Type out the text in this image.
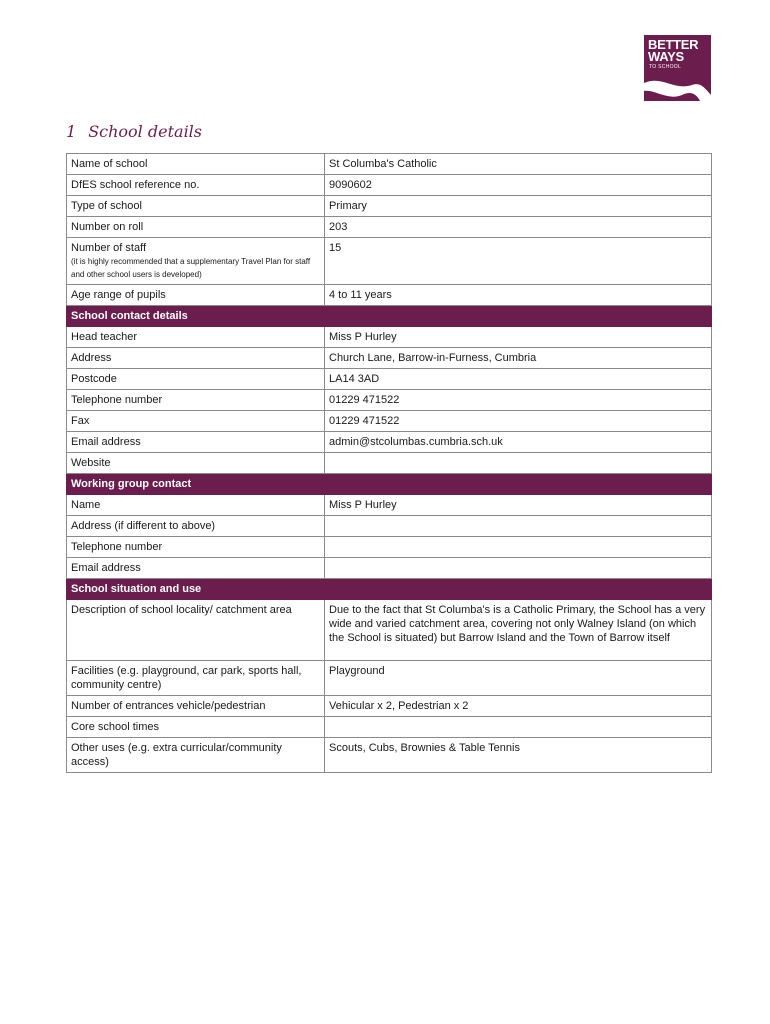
BETTER
WAYS
TO SCHOOL
1 School details
Name of school	St Columba's Catholic
DfES school reference no.	9090602
Type of school	Primary
Number on roll	203
Number of staff
(it is highly recommended that a supplementary Travel Plan for staff and other school users is developed)	15
Age range of pupils	4 to 11 years
School contact details	
Head teacher	Miss P Hurley
Address	Church Lane, Barrow-in-Furness, Cumbria
Postcode	LA14 3AD
Telephone number	01229 471522
Fax	01229 471522
Email address	admin@stcolumbas.cumbria.sch.uk
Website	
Working group contact	
Name	Miss P Hurley
Address (if different to above)	
Telephone number	
Email address	
School situation and use	
Description of school locality/ catchment area	Due to the fact that St Columba's is a Catholic Primary, the School has a very wide and varied catchment area, covering not only Walney Island (on which the School is situated) but Barrow Island and the Town of Barrow itself
Facilities (e.g. playground, car park, sports hall, community centre)	Playground
Number of entrances vehicle/pedestrian	Vehicular x 2, Pedestrian x 2
Core school times	
Other uses (e.g. extra curricular/community access)	Scouts, Cubs, Brownies & Table Tennis
